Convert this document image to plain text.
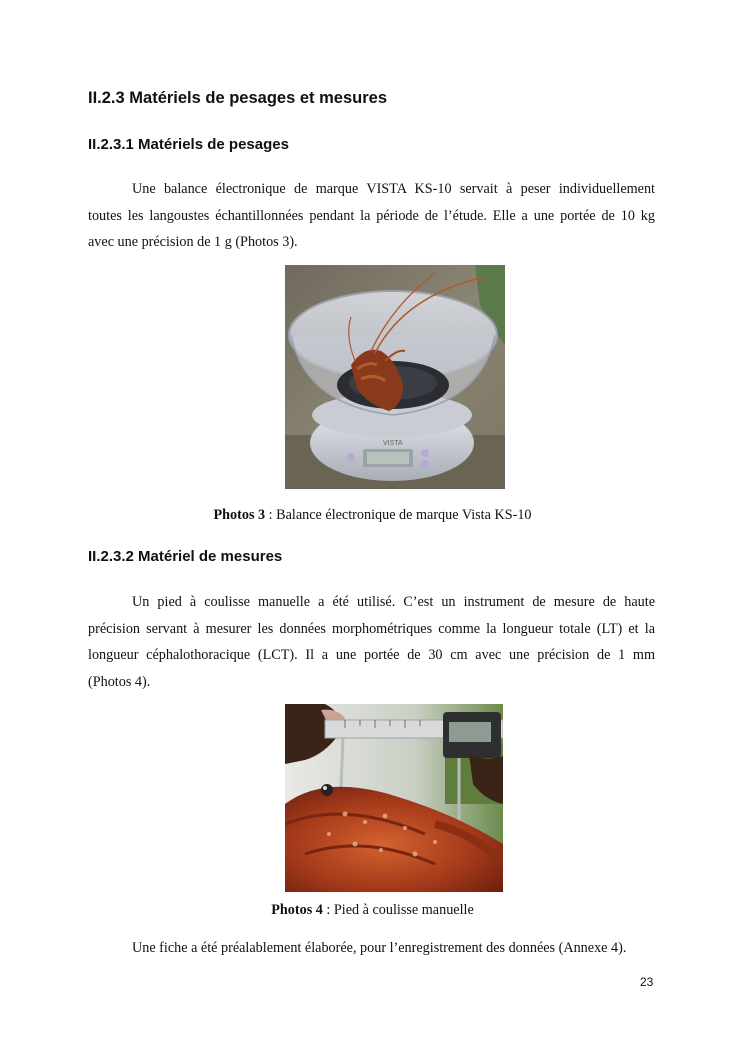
II.2.3 Matériels de pesages et mesures
II.2.3.1 Matériels de pesages
Une balance électronique de marque VISTA KS-10 servait à peser individuellement
toutes les langoustes échantillonnées pendant la période de l’étude. Elle a une portée de 10 kg
avec une précision de 1 g (Photos 3).
VISTA

Photos 3 : Balance électronique de marque Vista KS-10

II.2.3.2 Matériel de mesures
Un pied à coulisse manuelle a été utilisé. C’est un instrument de mesure de haute
précision servant à mesurer les données morphométriques comme la longueur totale (LT) et la
longueur céphalothoracique (LCT). Il a une portée de 30 cm avec une précision de 1 mm
(Photos 4).

Photos 4 : Pied à coulisse manuelle

Une fiche a été préalablement élaborée, pour l’enregistrement des données (Annexe 4).
23
